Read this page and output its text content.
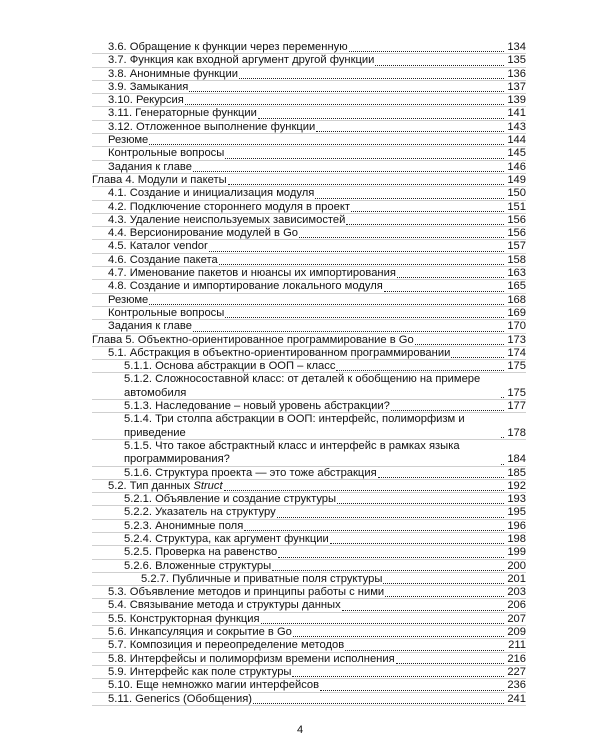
3.6. Обращение к функции через переменную	134
3.7. Функция как входной аргумент другой функции	135
3.8. Анонимные функции	136
3.9. Замыкания	137
3.10. Рекурсия	139
3.11. Генераторные функции	141
3.12. Отложенное выполнение функции	143
Резюме	144
Контрольные вопросы	145
Задания к главе	146
Глава 4. Модули и пакеты	149
4.1. Создание и инициализация модуля	150
4.2. Подключение стороннего модуля в проект	151
4.3. Удаление неиспользуемых зависимостей	156
4.4. Версионирование модулей в Go	156
4.5. Каталог vendor	157
4.6. Создание пакета	158
4.7. Именование пакетов и нюансы их импортирования	163
4.8. Создание и импортирование локального модуля	165
Резюме	168
Контрольные вопросы	169
Задания к главе	170
Глава 5. Объектно-ориентированное программирование в Go	173
5.1. Абстракция в объектно-ориентированном программировании	174
5.1.1. Основа абстракции в ООП – класс	175
5.1.2. Сложносоставной класс: от деталей к обобщению на примере автомобиля	175
5.1.3. Наследование – новый уровень абстракции?	177
5.1.4. Три столпа абстракции в ООП: интерфейс, полиморфизм и приведение	178
5.1.5. Что такое абстрактный класс и интерфейс в рамках языка программирования?	184
5.1.6. Структура проекта — это тоже абстракция	185
5.2. Тип данных Struct	192
5.2.1. Объявление и создание структуры	193
5.2.2. Указатель на структуру	195
5.2.3. Анонимные поля	196
5.2.4. Структура, как аргумент функции	198
5.2.5. Проверка на равенство	199
5.2.6. Вложенные структуры	200
5.2.7. Публичные и приватные поля структуры	201
5.3. Объявление методов и принципы работы с ними	203
5.4. Связывание метода и структуры данных	206
5.5. Конструкторная функция	207
5.6. Инкапсуляция и сокрытие в Go	209
5.7. Композиция и переопределение методов	211
5.8. Интерфейсы и полиморфизм времени исполнения	216
5.9. Интерфейс как поле структуры	227
5.10. Еще немножко магии интерфейсов	236
5.11. Generics (Обобщения)	241
4
